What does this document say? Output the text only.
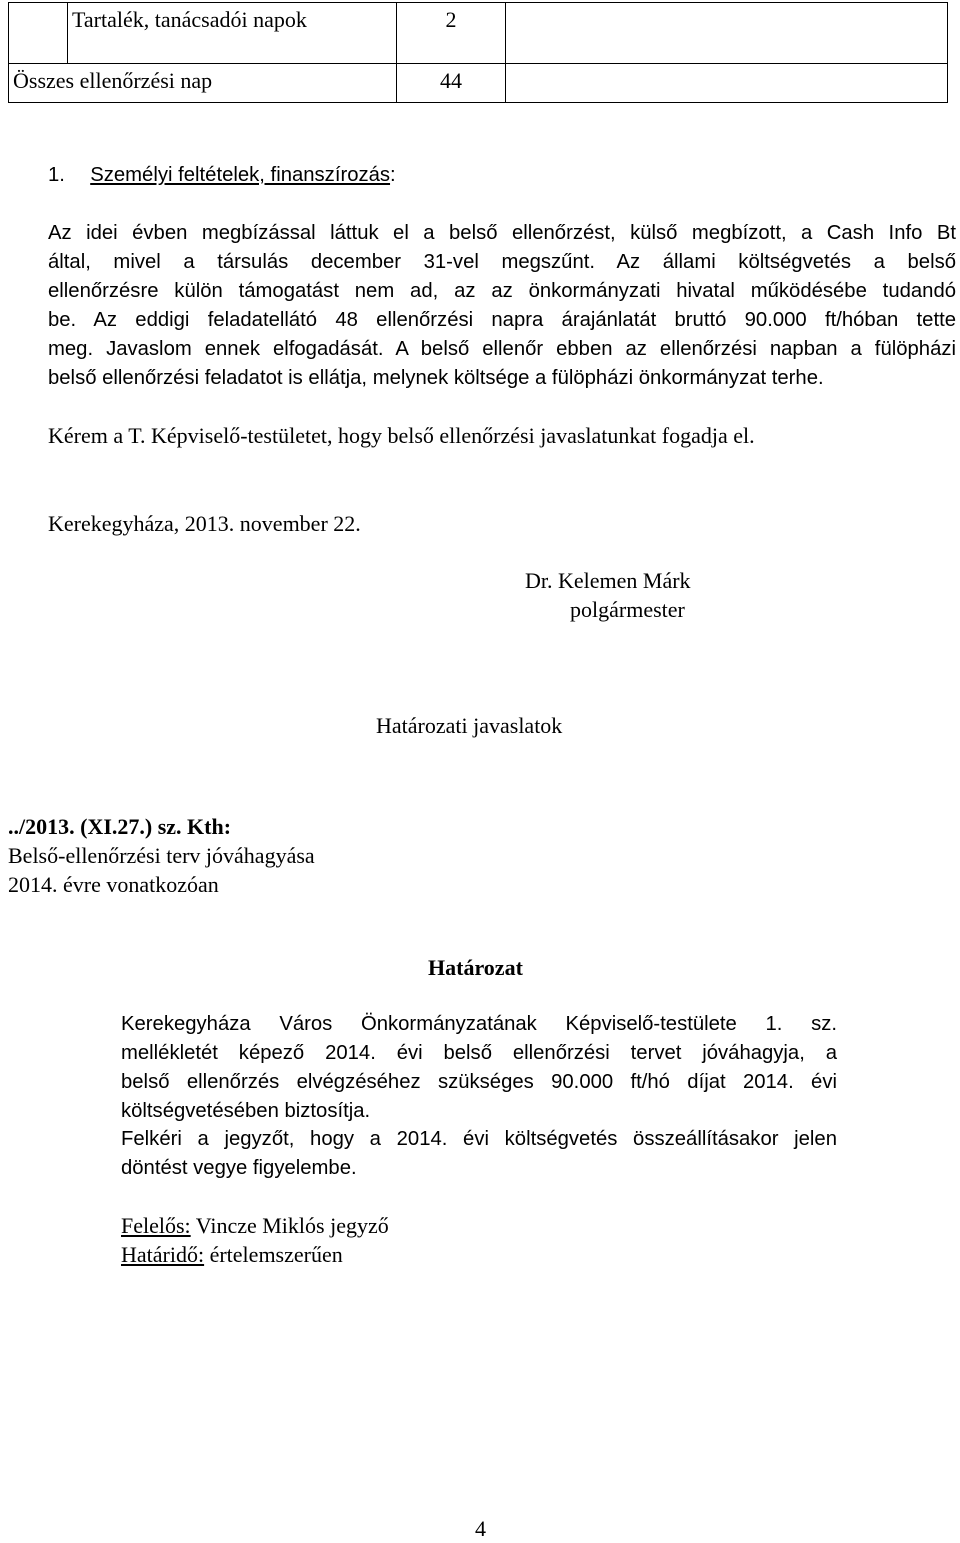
	Tartalék, tanácsadói napok	2	
Összes ellenőrzési nap		44	
1. Személyi feltételek, finanszírozás:
Az idei évben megbízással láttuk el a belső ellenőrzést, külső megbízott, a Cash Info Bt
által, mivel a társulás december 31-vel megszűnt. Az állami költségvetés a belső
ellenőrzésre külön támogatást nem ad, az az önkormányzati hivatal működésébe tudandó
be. Az eddigi feladatellátó 48 ellenőrzési napra árajánlatát bruttó 90.000 ft/hóban tette
meg. Javaslom ennek elfogadását. A belső ellenőr ebben az ellenőrzési napban a fülöpházi
belső ellenőrzési feladatot is ellátja, melynek költsége a fülöpházi önkormányzat terhe.
Kérem a T. Képviselő-testületet, hogy belső ellenőrzési javaslatunkat fogadja el.
Kerekegyháza, 2013. november 22.
Dr. Kelemen Márk
polgármester
Határozati javaslatok
../2013. (XI.27.) sz. Kth:
Belső-ellenőrzési terv jóváhagyása
2014. évre vonatkozóan
Határozat
Kerekegyháza Város Önkormányzatának Képviselő-testülete 1. sz.
mellékletét képező 2014. évi belső ellenőrzési tervet jóváhagyja, a
belső ellenőrzés elvégzéséhez szükséges 90.000 ft/hó díjat 2014. évi
költségvetésében biztosítja.
Felkéri a jegyzőt, hogy a 2014. évi költségvetés összeállításakor jelen
döntést vegye figyelembe.
Felelős: Vincze Miklós jegyző
Határidő: értelemszerűen
4
